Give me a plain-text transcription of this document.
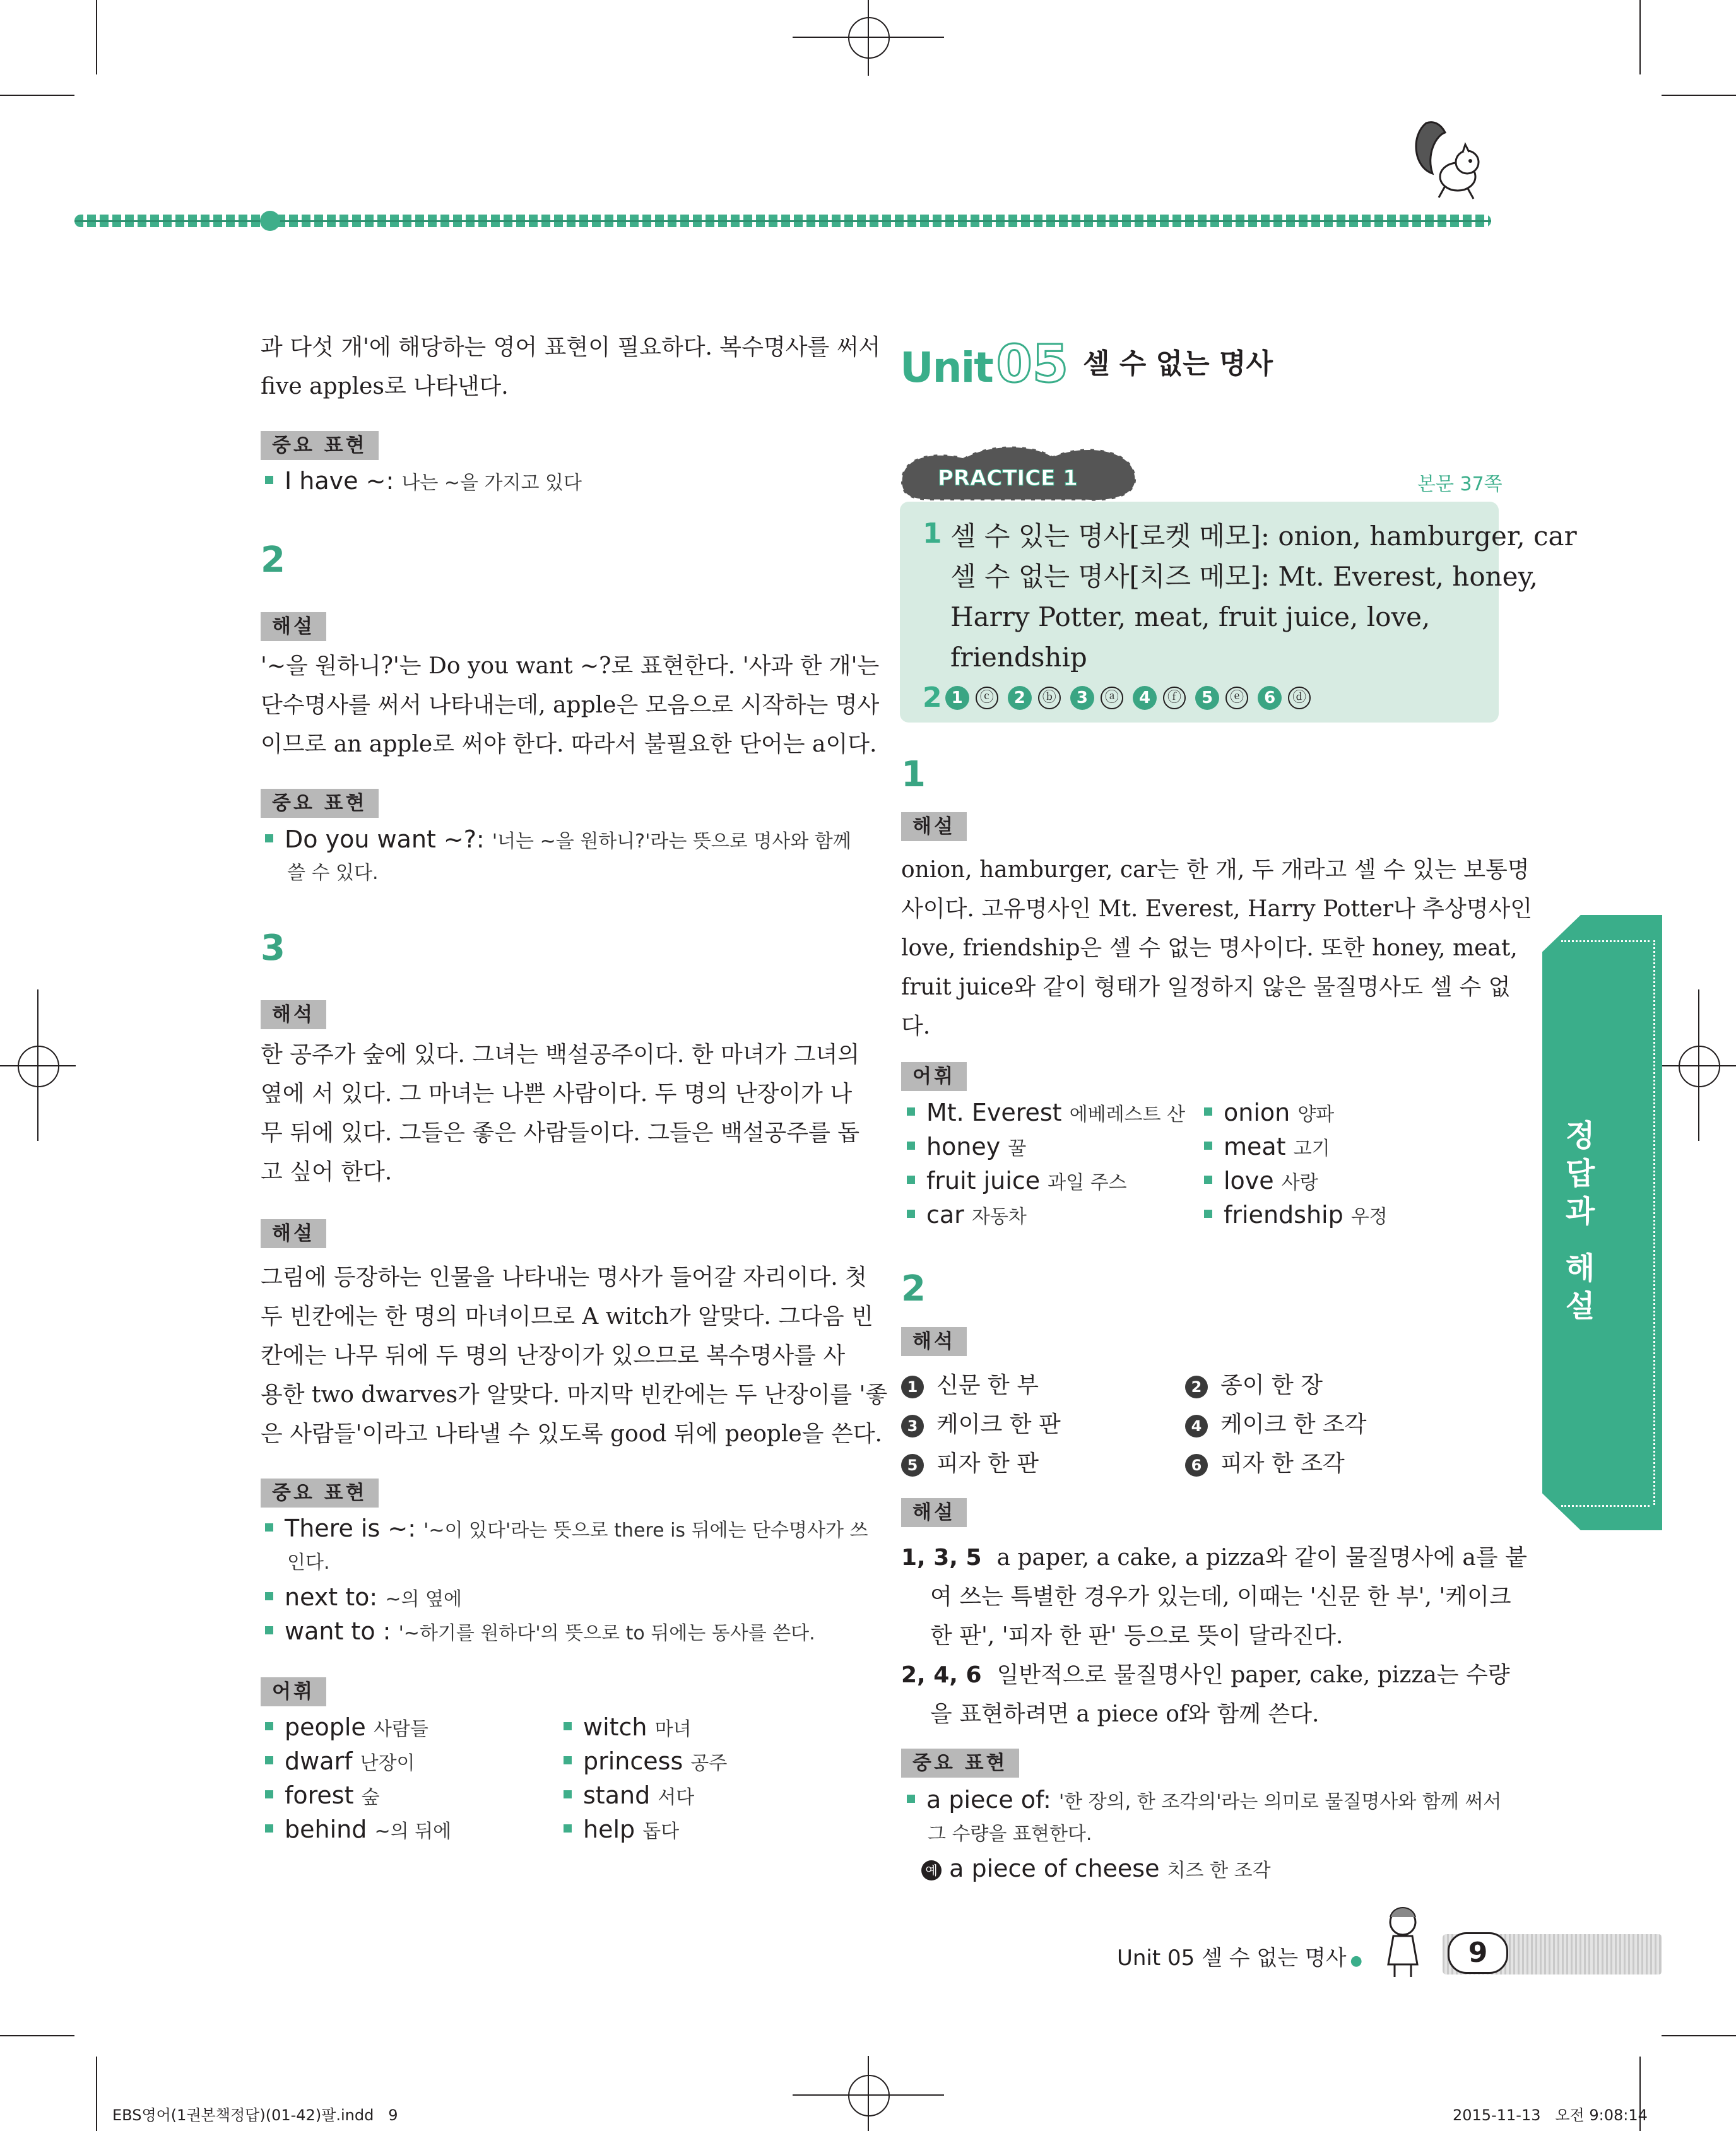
과 다섯 개'에 해당하는 영어 표현이 필요하다. 복수명사를 써서
five apples로 나타낸다.
중요 표현
I have ~: 나는 ~을 가지고 있다
2
해설
'~을 원하니?'는 Do you want ~?로 표현한다. '사과 한 개'는
단수명사를 써서 나타내는데, apple은 모음으로 시작하는 명사
이므로 an apple로 써야 한다. 따라서 불필요한 단어는 a이다.
중요 표현
Do you want ~?: '너는 ~을 원하니?'라는 뜻으로 명사와 함께
쓸 수 있다.
3
해석
한 공주가 숲에 있다. 그녀는 백설공주이다. 한 마녀가 그녀의
옆에 서 있다. 그 마녀는 나쁜 사람이다. 두 명의 난장이가 나
무 뒤에 있다. 그들은 좋은 사람들이다. 그들은 백설공주를 돕
고 싶어 한다.
해설
그림에 등장하는 인물을 나타내는 명사가 들어갈 자리이다. 첫
두 빈칸에는 한 명의 마녀이므로 A witch가 알맞다. 그다음 빈
칸에는 나무 뒤에 두 명의 난장이가 있으므로 복수명사를 사
용한 two dwarves가 알맞다. 마지막 빈칸에는 두 난장이를 '좋
은 사람들'이라고 나타낼 수 있도록 good 뒤에 people을 쓴다.
중요 표현
There is ~: '~이 있다'라는 뜻으로 there is 뒤에는 단수명사가 쓰
인다.
next to: ~의 옆에
want to : '~하기를 원하다'의 뜻으로 to 뒤에는 동사를 쓴다.
어휘
people 사람들	witch 마녀
dwarf 난장이	princess 공주
forest 숲	stand 서다
behind ~의 뒤에	help 돕다
Unit05 셀 수 없는 명사
PRACTICE 1	본문 37쪽
1 셀 수 있는 명사[로켓 메모]: onion, hamburger, car
셀 수 없는 명사[치즈 메모]: Mt. Everest, honey,
Harry Potter, meat, fruit juice, love,
friendship
2 1 ⓒ 2 ⓑ 3 ⓐ 4 ⓕ 5 ⓔ 6 ⓓ
1
해설
onion, hamburger, car는 한 개, 두 개라고 셀 수 있는 보통명
사이다. 고유명사인 Mt. Everest, Harry Potter나 추상명사인
love, friendship은 셀 수 없는 명사이다. 또한 honey, meat,
fruit juice와 같이 형태가 일정하지 않은 물질명사도 셀 수 없
다.
어휘
Mt. Everest 에베레스트 산	onion 양파
honey 꿀	meat 고기
fruit juice 과일 주스	love 사랑
car 자동차	friendship 우정
2
해석
1 신문 한 부	2 종이 한 장
3 케이크 한 판	4 케이크 한 조각
5 피자 한 판	6 피자 한 조각
해설
1, 3, 5 a paper, a cake, a pizza와 같이 물질명사에 a를 붙
여 쓰는 특별한 경우가 있는데, 이때는 '신문 한 부', '케이크
한 판', '피자 한 판' 등으로 뜻이 달라진다.
2, 4, 6 일반적으로 물질명사인 paper, cake, pizza는 수량
을 표현하려면 a piece of와 함께 쓴다.
중요 표현
a piece of: '한 장의, 한 조각의'라는 의미로 물질명사와 함께 써서
그 수량을 표현한다.
예 a piece of cheese 치즈 한 조각
정
답
과
해
설
Unit 05 셀 수 없는 명사 ●	9
EBS영어(1권본책정답)(01-42)팔.indd   9	2015-11-13   오전 9:08:14
